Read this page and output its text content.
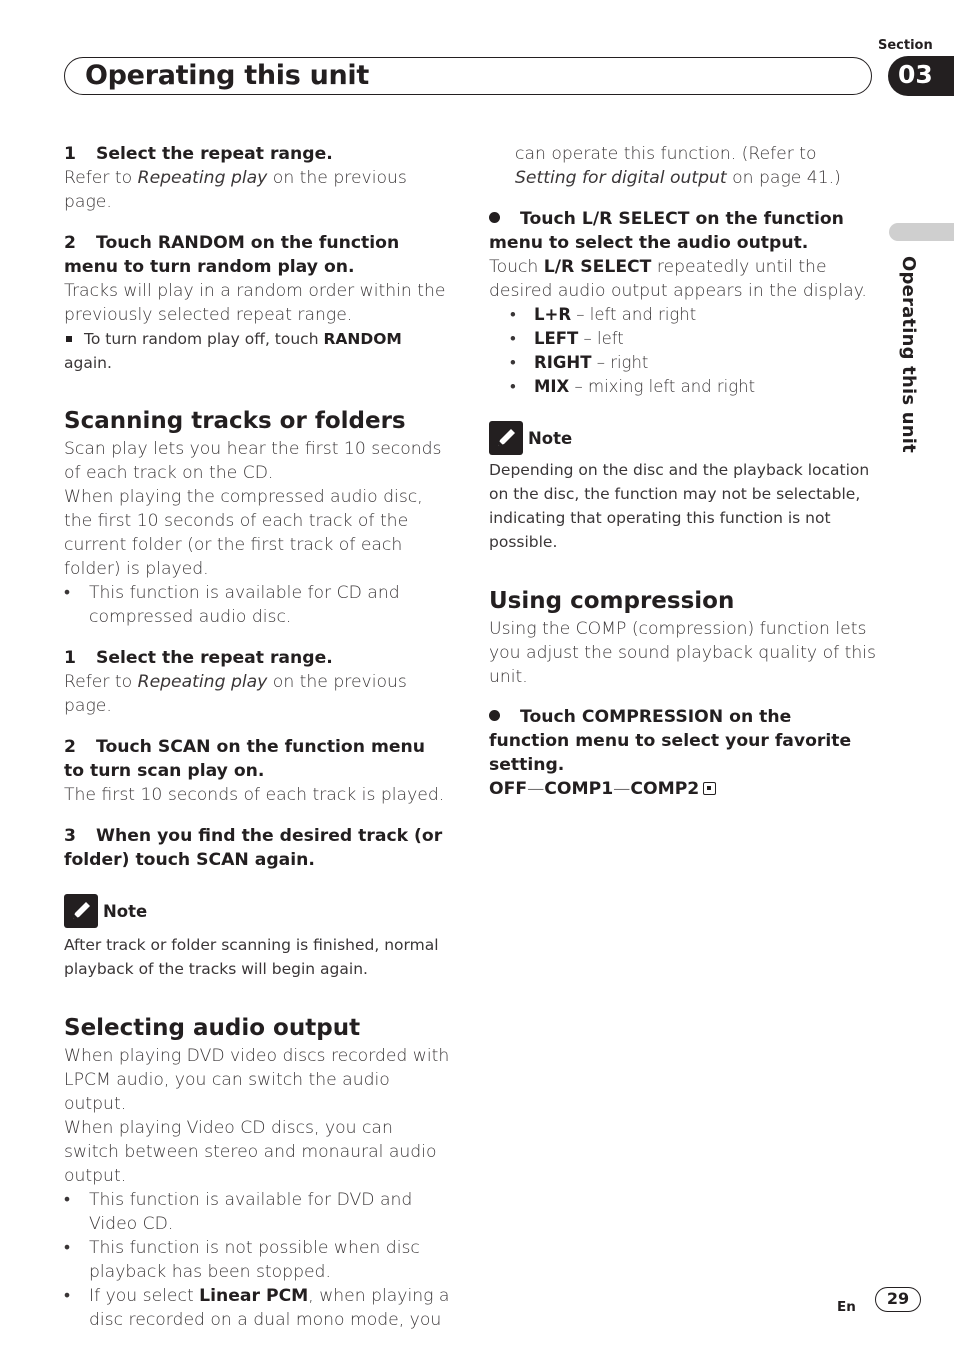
Section
Operating this unit	03
Operating this unit

1 Select the repeat range.

Refer to Repeating play on the previous page.

2 Touch RANDOM on the function menu to turn random play on.

Tracks will play in a random order within the previously selected repeat range.

To turn random play off, touch RANDOM again.

Scanning tracks or folders

Scan play lets you hear the first 10 seconds of each track on the CD.

When playing the compressed audio disc, the first 10 seconds of each track of the current folder (or the first track of each folder) is played.

• This function is available for CD and compressed audio disc.

1 Select the repeat range.

Refer to Repeating play on the previous page.

2 Touch SCAN on the function menu to turn scan play on.

The first 10 seconds of each track is played.

3 When you find the desired track (or folder) touch SCAN again.

Note

After track or folder scanning is finished, normal playback of the tracks will begin again.

Selecting audio output

When playing DVD video discs recorded with LPCM audio, you can switch the audio output.

When playing Video CD discs, you can switch between stereo and monaural audio output.

• This function is available for DVD and Video CD.
• This function is not possible when disc playback has been stopped.
• If you select Linear PCM, when playing a disc recorded on a dual mono mode, you

can operate this function. (Refer to Setting for digital output on page 41.)

Touch L/R SELECT on the function menu to select the audio output.

Touch L/R SELECT repeatedly until the desired audio output appears in the display.

• L+R – left and right
• LEFT – left
• RIGHT – right
• MIX – mixing left and right
Note

Depending on the disc and the playback location on the disc, the function may not be selectable, indicating that operating this function is not possible.

Using compression

Using the COMP (compression) function lets you adjust the sound playback quality of this unit.

Touch COMPRESSION on the function menu to select your favorite setting.

OFF—COMP1—COMP2

En	29
